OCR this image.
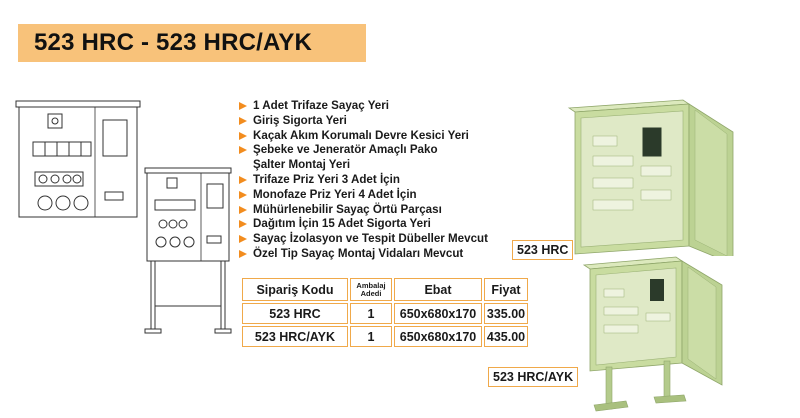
523 HRC - 523 HRC/AYK
1 Adet Trifaze Sayaç Yeri
Giriş Sigorta Yeri
Kaçak Akım Korumalı Devre Kesici Yeri
Şebeke ve Jeneratör Amaçlı Pako
Şalter Montaj Yeri
Trifaze Priz Yeri 3 Adet İçin
Monofaze Priz Yeri 4 Adet İçin
Mühürlenebilir Sayaç Örtü Parçası
Dağıtım İçin 15 Adet Sigorta Yeri
Sayaç İzolasyon ve Tespit Dübeller Mevcut
Özel Tip Sayaç Montaj Vidaları Mevcut
Sipariş Kodu	Ambalaj Adedi	Ebat	Fiyat
523 HRC	1	650x680x170	335.00
523 HRC/AYK	1	650x680x170	435.00
523 HRC
523 HRC/AYK
